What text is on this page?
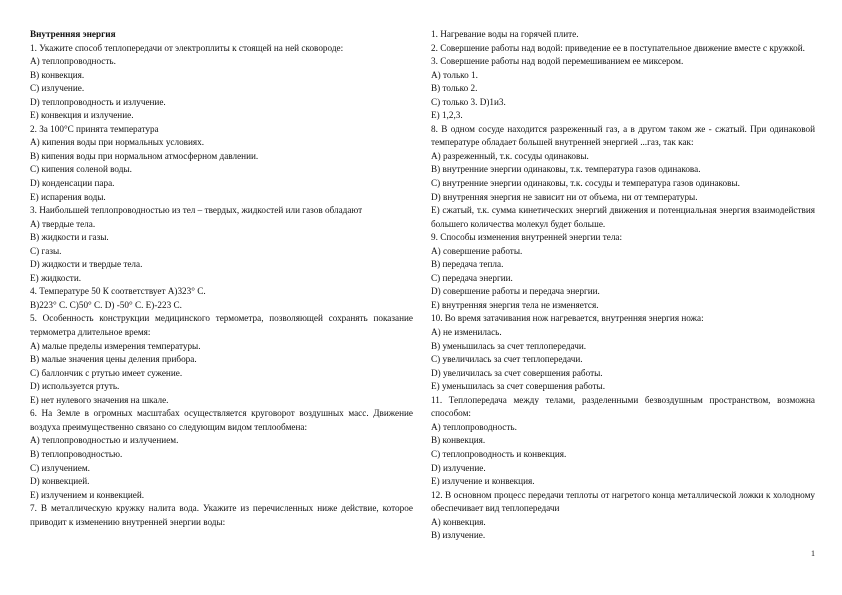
Внутренняя энергия

1. Укажите способ теплопередачи от электроплиты к стоящей на ней сковороде:

А) теплопроводность.

В) конвекция.

С) излучение.

D) теплопроводность и излучение.

E) конвекция и излучение.

2. За 100°С принята температура

А) кипения воды при нормальных условиях.

В) кипения воды при нормальном атмосферном давлении.

С) кипения соленой воды.

D) конденсации пара.

E) испарения воды.

3. Наибольшей теплопроводностью из тел – твердых, жидкостей или газов обладают

А) твердые тела.

В) жидкости и газы.

С) газы.

D) жидкости и твердые тела.

E) жидкости.

4. Температуре 50 К соответствует А)323° С.

В)223° С. С)50° С. D) -50° С. E)-223 С.

5. Особенность конструкции медицинского термометра, позволяющей сохранять показание термометра длительное время:

А) малые пределы измерения температуры.

В) малые значения цены деления прибора.

С) баллончик с ртутью имеет сужение.

D) используется ртуть.

E) нет нулевого значения на шкале.

6. На Земле в огромных масштабах осуществляется круговорот воздушных масс. Движение воздуха преимущественно связано со следующим видом теплообмена:

А) теплопроводностью и излучением.

В) теплопроводностью.

С) излучением.

D) конвекцией.

E) излучением и конвекцией.

7. В металлическую кружку налита вода. Укажите из перечисленных ниже действие, которое приводит к изменению внутренней энергии воды:

1. Нагревание воды на горячей плите.

2. Совершение работы над водой: приведение ее в поступательное движение вместе с кружкой.

3. Совершение работы над водой перемешиванием ее миксером.

А) только 1.

В) только 2.

С) только 3. D)1и3.

E) 1,2,3.

8. В одном сосуде находится разреженный газ, а в другом таком же - сжатый. При одинаковой температуре обладает большей внутренней энергией ...газ, так как:

А) разреженный, т.к. сосуды одинаковы.

В) внутренние энергии одинаковы, т.к. температура газов одинакова.

С) внутренние энергии одинаковы, т.к. сосуды и температура газов одинаковы.

D) внутренняя энергия не зависит ни от объема, ни от температуры.

E) сжатый, т.к. сумма кинетических энергий движения и потенциальная энергия взаимодействия большего количества молекул будет больше.

9. Способы изменения внутренней энергии тела:

А) совершение работы.

В) передача тепла.

С) передача энергии.

D) совершение работы и передача энергии.

E) внутренняя энергия тела не изменяется.

10. Во время затачивания нож нагревается, внутренняя энергия ножа:

А) не изменилась.

В) уменьшилась за счет теплопередачи.

С) увеличилась за счет теплопередачи.

D) увеличилась за счет совершения работы.

E) уменьшилась за счет совершения работы.

11. Теплопередача между телами, разделенными безвоздушным пространством, возможна способом:

А) теплопроводность.

В) конвекция.

С) теплопроводность и конвекция.

D) излучение.

E) излучение и конвекция.

12. В основном процесс передачи теплоты от нагретого конца металлической ложки к холодному обеспечивает вид теплопередачи

А) конвекция.

В) излучение.

1
